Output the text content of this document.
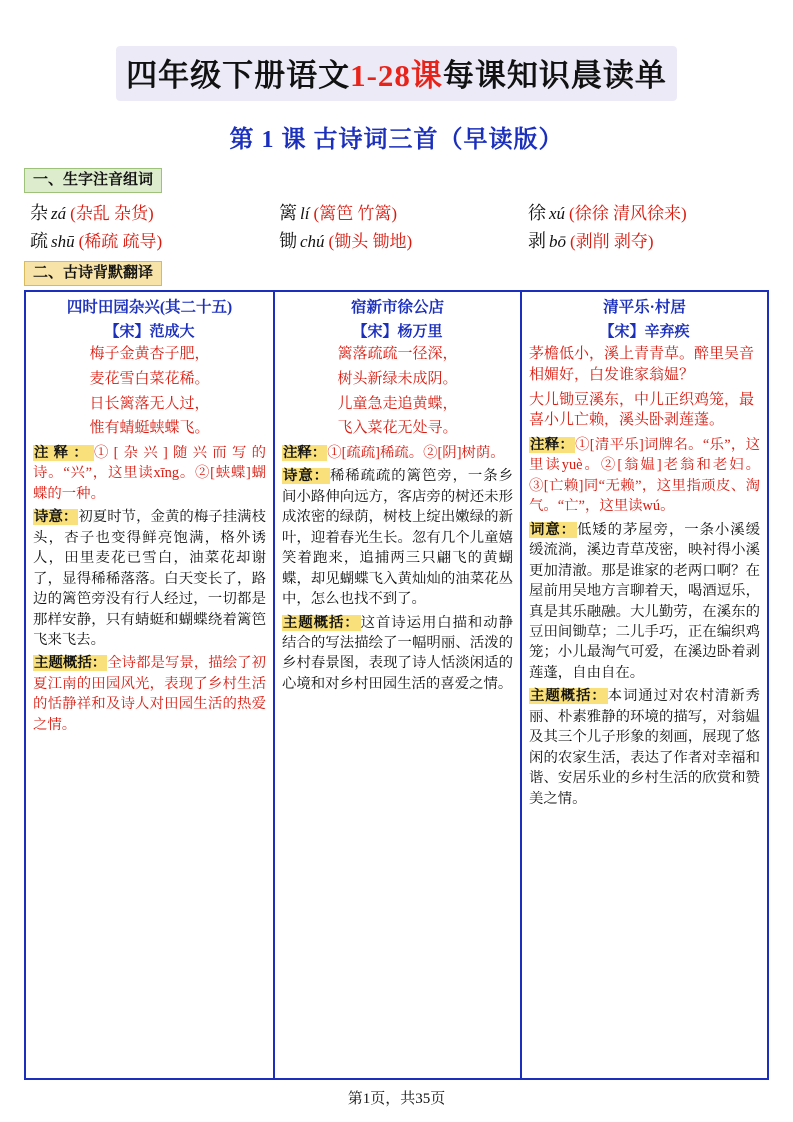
四年级下册语文1-28课每课知识晨读单
第 1 课 古诗词三首（早读版）
一、生字注音组词
杂 zá (杂乱 杂货)	篱 lí (篱笆 竹篱)	徐 xú (徐徐 清风徐来)
疏 shū (稀疏 疏导)	锄 chú (锄头 锄地)	剥 bō (剥削 剥夺)
二、古诗背默翻译
四时田园杂兴(其二十五)
【宋】范成大
梅子金黄杏子肥，
麦花雪白菜花稀。
日长篱落无人过，
惟有蜻蜓蛱蝶飞。
注释：①[杂兴]随兴而写的诗。“兴”，这里读xīng。②[蛱蝶]蝴蝶的一种。
诗意：初夏时节，金黄的梅子挂满枝头，杏子也变得鲜亮饱满，格外诱人，田里麦花已雪白，油菜花却谢了，显得稀稀落落。白天变长了，路边的篱笆旁没有行人经过，一切都是那样安静，只有蜻蜓和蝴蝶绕着篱笆飞来飞去。
主题概括：全诗都是写景，描绘了初夏江南的田园风光，表现了乡村生活的恬静祥和及诗人对田园生活的热爱之情。
宿新市徐公店
【宋】杨万里
篱落疏疏一径深，
树头新绿未成阴。
儿童急走追黄蝶，
飞入菜花无处寻。
注释：①[疏疏]稀疏。②[阴]树荫。
诗意：稀稀疏疏的篱笆旁，一条乡间小路伸向远方，客店旁的树还未形成浓密的绿荫，树枝上绽出嫩绿的新叶，迎着春光生长。忽有几个儿童嬉笑着跑来，追捕两三只翩飞的黄蝴蝶，却见蝴蝶飞入黄灿灿的油菜花丛中，怎么也找不到了。
主题概括：这首诗运用白描和动静结合的写法描绘了一幅明丽、活泼的乡村春景图，表现了诗人恬淡闲适的心境和对乡村田园生活的喜爱之情。
清平乐·村居
【宋】辛弃疾
茅檐低小，溪上青青草。醉里吴音相媚好，白发谁家翁媪？
大儿锄豆溪东，中儿正织鸡笼，最喜小儿亡赖，溪头卧剥莲蓬。
注释：①[清平乐]词牌名。“乐”，这里读yuè。②[翁媪]老翁和老妇。③[亡赖]同“无赖”，这里指顽皮、淘气。“亡”，这里读wú。
词意：低矮的茅屋旁，一条小溪缓缓流淌，溪边青草茂密，映衬得小溪更加清澈。那是谁家的老两口啊？在屋前用吴地方言聊着天，喝酒逗乐，真是其乐融融。大儿勤劳，在溪东的豆田间锄草；二儿手巧，正在编织鸡笼；小儿最淘气可爱，在溪边卧着剥莲蓬，自由自在。
主题概括：本词通过对农村清新秀丽、朴素雅静的环境的描写，对翁媪及其三个儿子形象的刻画，展现了悠闲的农家生活，表达了作者对幸福和谐、安居乐业的乡村生活的欣赏和赞美之情。
第1页，共35页
